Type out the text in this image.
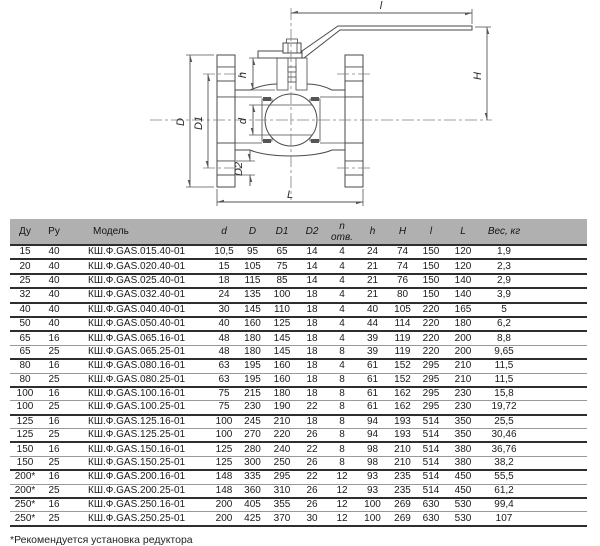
l
H
D D1
h
d
D2
L
Ду	Ру	Модель	d	D	D1	D2	n отв.	h	H	l	L	Вес, кг	
15	40	КШ.Ф.GAS.015.40-01	10,5	95	65	14	4	24	74	150	120	1,9	
20	40	КШ.Ф.GAS.020.40-01	15	105	75	14	4	21	74	150	120	2,3	
25	40	КШ.Ф.GAS.025.40-01	18	115	85	14	4	21	76	150	140	2,9	
32	40	КШ.Ф.GAS.032.40-01	24	135	100	18	4	21	80	150	140	3,9	
40	40	КШ.Ф.GAS.040.40-01	30	145	110	18	4	40	105	220	165	5	
50	40	КШ.Ф.GAS.050.40-01	40	160	125	18	4	44	114	220	180	6,2	
65	16	КШ.Ф.GAS.065.16-01	48	180	145	18	4	39	119	220	200	8,8	
65	25	КШ.Ф.GAS.065.25-01	48	180	145	18	8	39	119	220	200	9,65	
80	16	КШ.Ф.GAS.080.16-01	63	195	160	18	4	61	152	295	210	11,5	
80	25	КШ.Ф.GAS.080.25-01	63	195	160	18	8	61	152	295	210	11,5	
100	16	КШ.Ф.GAS.100.16-01	75	215	180	18	8	61	162	295	230	15,8	
100	25	КШ.Ф.GAS.100.25-01	75	230	190	22	8	61	162	295	230	19,72	
125	16	КШ.Ф.GAS.125.16-01	100	245	210	18	8	94	193	514	350	25,5	
125	25	КШ.Ф.GAS.125.25-01	100	270	220	26	8	94	193	514	350	30,46	
150	16	КШ.Ф.GAS.150.16-01	125	280	240	22	8	98	210	514	380	36,76	
150	25	КШ.Ф.GAS.150.25-01	125	300	250	26	8	98	210	514	380	38,2	
200*	16	КШ.Ф.GAS.200.16-01	148	335	295	22	12	93	235	514	450	55,5	
200*	25	КШ.Ф.GAS.200.25-01	148	360	310	26	12	93	235	514	450	61,2	
250*	16	КШ.Ф.GAS.250.16-01	200	405	355	26	12	100	269	630	530	99,4	
250*	25	КШ.Ф.GAS.250.25-01	200	425	370	30	12	100	269	630	530	107	
*Рекомендуется установка редуктора
